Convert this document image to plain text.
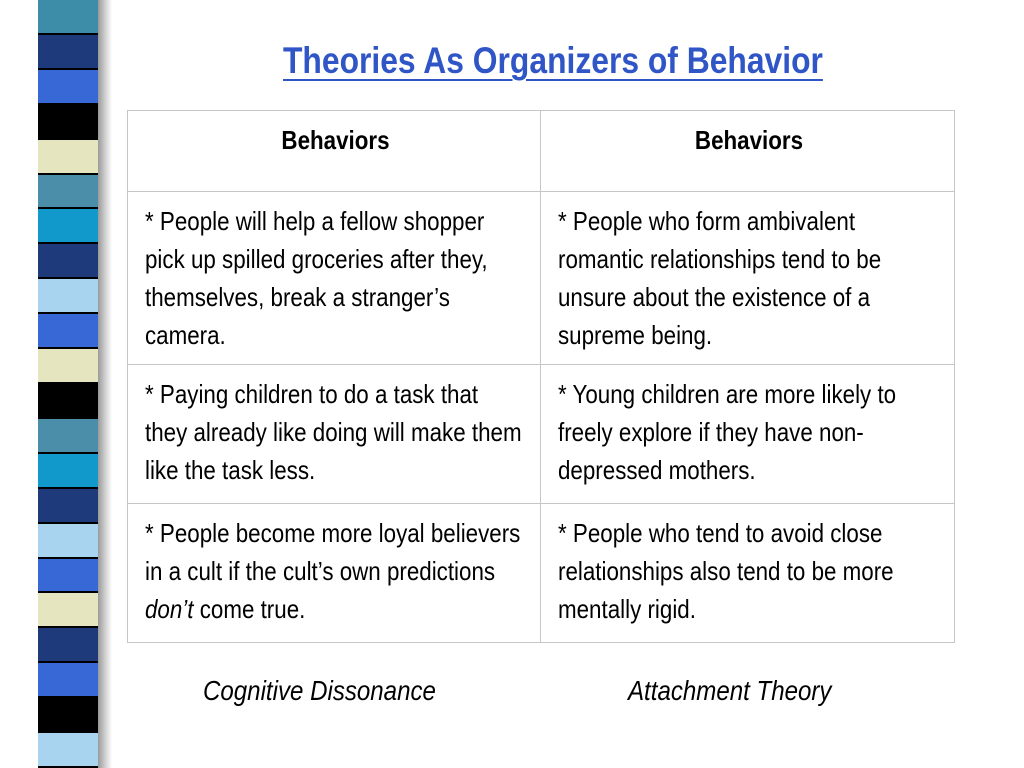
Theories As Organizers of Behavior
Behaviors	Behaviors

* People will help a fellow shopper pick up spilled groceries after they, themselves, break a stranger’s camera.	* People who form ambivalent romantic relationships tend to be unsure about the existence of a supreme being.

* Paying children to do a task that they already like doing will make them like the task less.	* Young children are more likely to freely explore if they have non-depressed mothers.

* People become more loyal believers in a cult if the cult’s own predictions don’t come true.	* People who tend to avoid close relationships also tend to be more mentally rigid.
Cognitive Dissonance	Attachment Theory
